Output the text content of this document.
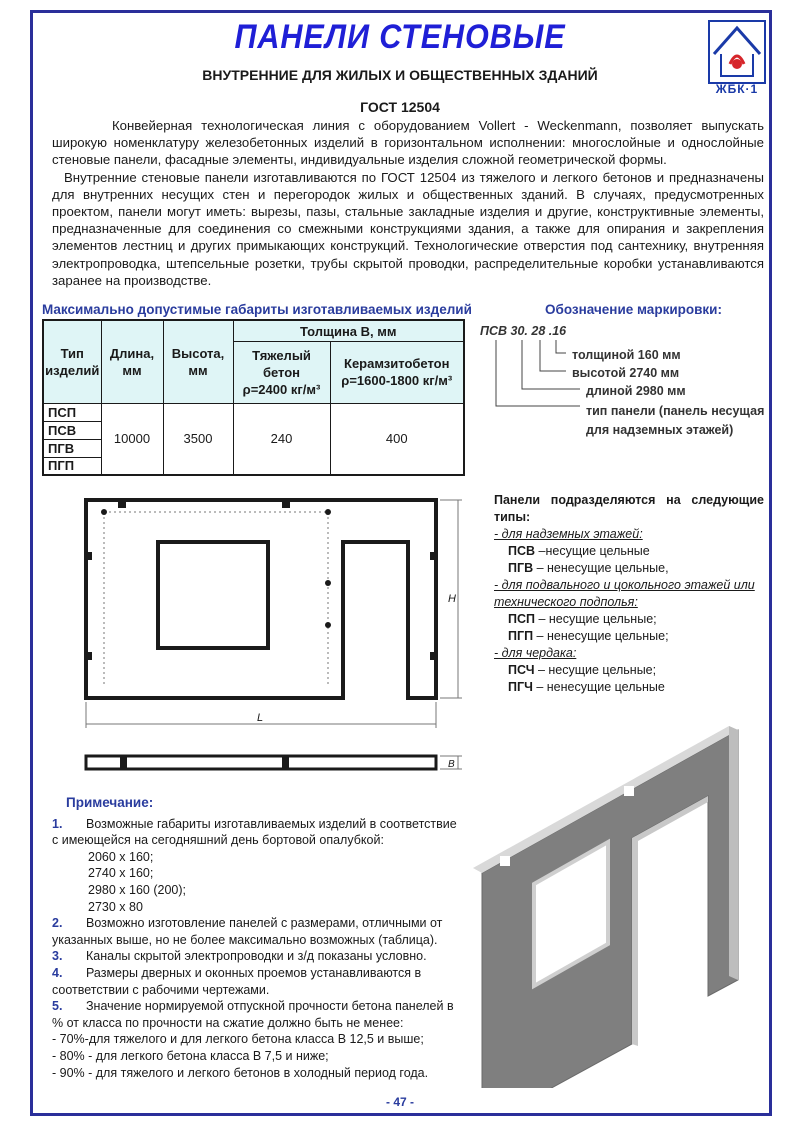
ПАНЕЛИ СТЕНОВЫЕ
ВНУТРЕННИЕ ДЛЯ ЖИЛЫХ И ОБЩЕСТВЕННЫХ ЗДАНИЙ
ГОСТ 12504
ЖБК·1

Конвейерная технологическая линия с оборудованием Vollert - Weckenmann, позволяет выпускать широкую номенклатуру железобетонных изделий в горизонтальном исполнении: многослойные и однослойные стеновые панели, фасадные элементы, индивидуальные изделия сложной геометрической формы.

Внутренние стеновые панели изготавливаются по ГОСТ 12504 из тяжелого и легкого бетонов и предназначены для внутренних несущих стен и перегородок жилых и общественных зданий. В случаях, предусмотренных проектом, панели могут иметь: вырезы, пазы, стальные закладные изделия и другие, конструктивные элементы, предназначенные для соединения со смежными конструкциями здания, а также для опирания и закрепления элементов лестниц и других примыкающих конструкций. Технологические отверстия под сантехнику, внутренняя электропроводка, штепсельные розетки, трубы скрытой проводки, распределительные коробки устанавливаются заранее на производстве.

Максимально допустимые габариты изготавливаемых изделий	Обозначение маркировки:
Тип изделий	Длина, мм	Высота, мм	Толщина В, мм	
			Тяжелый бетон
ρ=2400 кг/м³	Керамзитобетон
ρ=1600-1800 кг/м³
ПСП	10000	3500	240	400
ПСВ				
ПГВ				
ПГП				
ПСВ 30. 28 .16
толщиной 160 мм
высотой 2740 мм
длиной 2980 мм
тип панели (панель несущая
для надземных этажей)
L
H
B
Панели подразделяются на следующие типы:
- для надземных этажей:
ПСВ –несущие цельные
ПГВ – ненесущие цельные,
- для подвального и цокольного этажей или технического подполья:
ПСП – несущие цельные;
ПГП – ненесущие цельные;
- для чердака:
ПСЧ – несущие цельные;
ПГЧ – ненесущие цельные
Примечание:
1. Возможные габариты изготавливаемых изделий в соответствие с имеющейся на сегодняшний день бортовой опалубкой:
2060 х 160;
2740 х 160;
2980 х 160 (200);
2730 х 80
2. Возможно изготовление панелей с размерами, отличными от указанных выше, но не более максимально возможных (таблица).
3. Каналы скрытой электропроводки и з/д показаны условно.
4. Размеры дверных и оконных проемов устанавливаются в соответствии с рабочими чертежами.
5. Значение нормируемой отпускной прочности бетона панелей в % от класса по прочности на сжатие должно быть не менее:
- 70%-для тяжелого и для легкого бетона класса В 12,5 и выше;
- 80% - для легкого бетона класса В 7,5 и ниже;
- 90% - для тяжелого и легкого бетонов в холодный период года.
- 47 -
